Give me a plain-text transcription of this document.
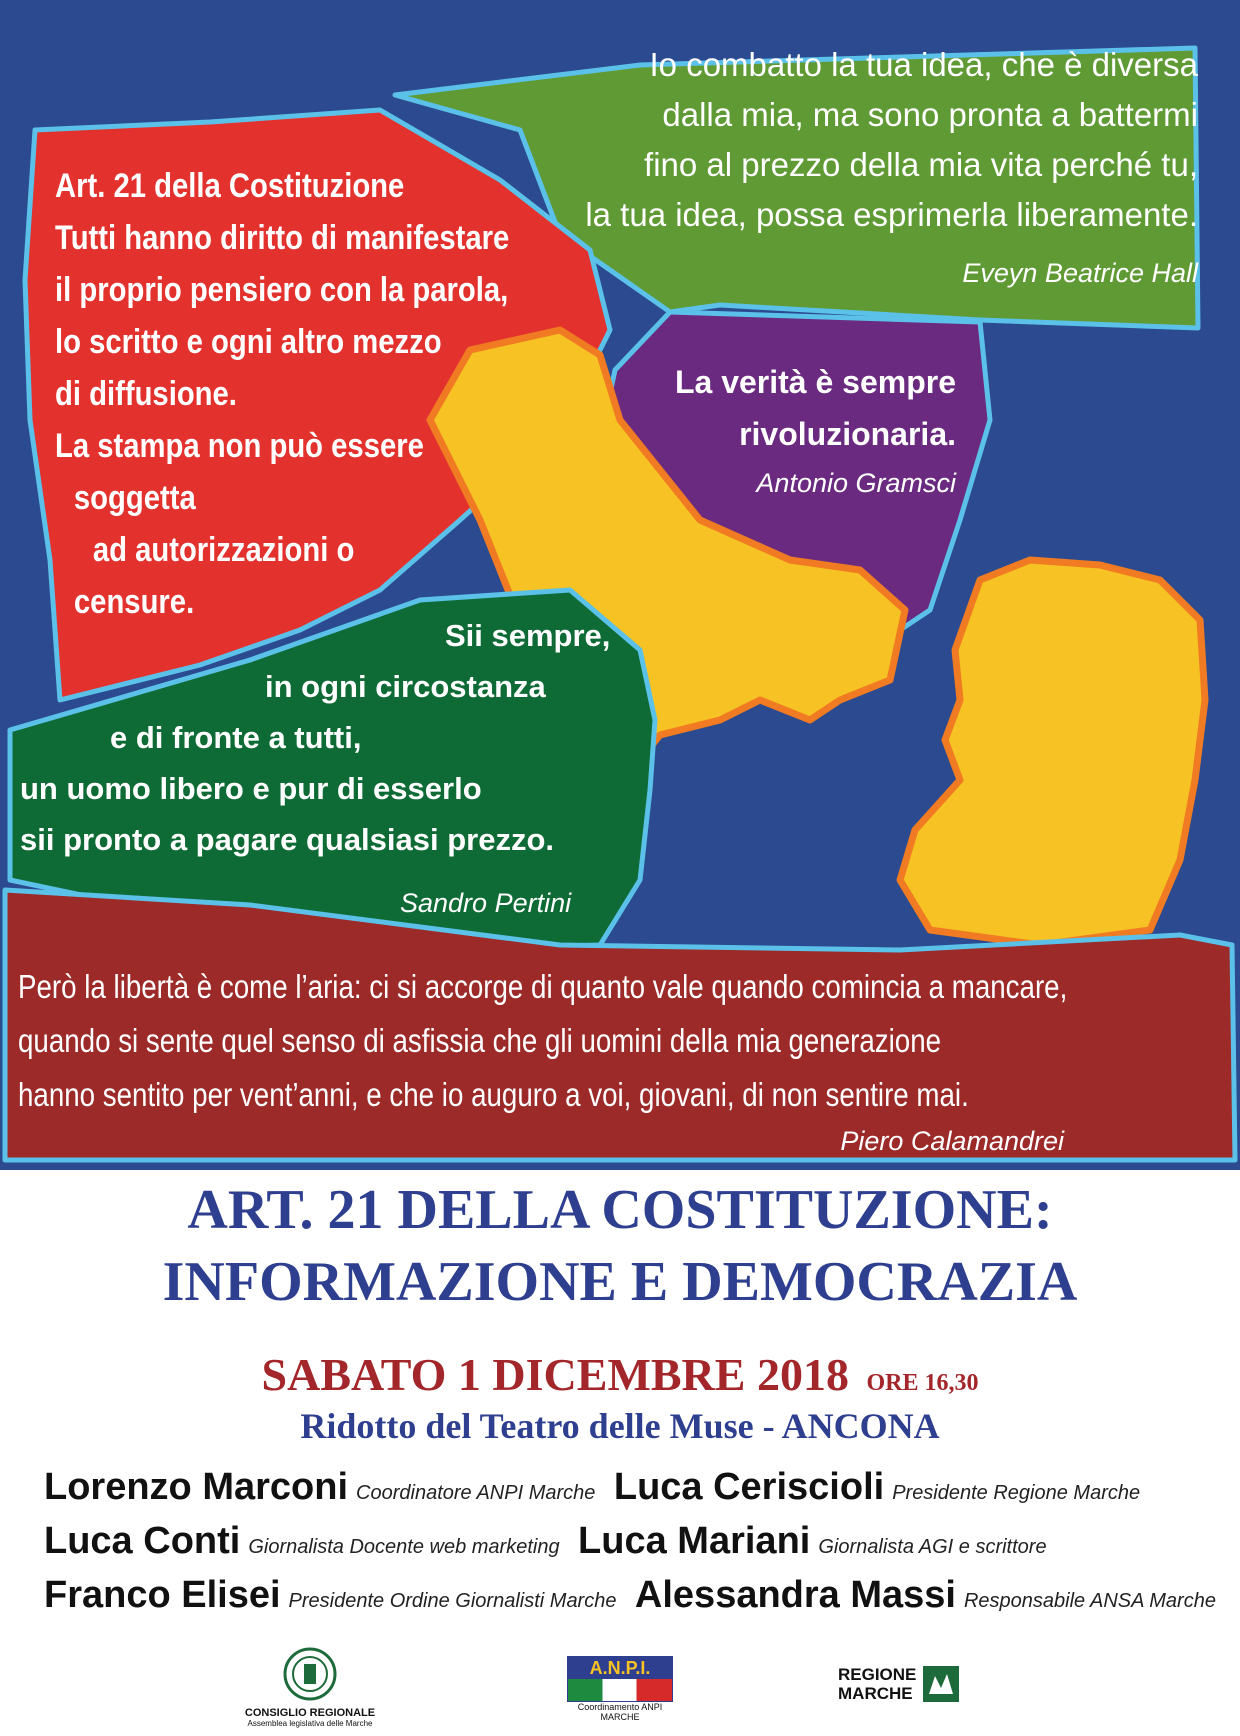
Art. 21 della Costituzione
Tutti hanno diritto di manifestare
il proprio pensiero con la parola,
lo scritto e ogni altro mezzo
di diffusione.
La stampa non può essere
soggetta
ad autorizzazioni o
censure.
Io combatto la tua idea, che è diversa
dalla mia, ma sono pronta a battermi
fino al prezzo della mia vita perché tu,
la tua idea, possa esprimerla liberamente.
Eveyn Beatrice Hall
La verità è sempre
rivoluzionaria.
Antonio Gramsci
Sii sempre,
in ogni circostanza
e di fronte a tutti,
un uomo libero e pur di esserlo
sii pronto a pagare qualsiasi prezzo.
Sandro Pertini
Però la libertà è come l’aria: ci si accorge di quanto vale quando comincia a mancare,
quando si sente quel senso di asfissia che gli uomini della mia generazione
hanno sentito per vent’anni, e che io auguro a voi, giovani, di non sentire mai.
Piero Calamandrei
ART. 21 DELLA COSTITUZIONE:
INFORMAZIONE E DEMOCRAZIA
SABATO 1 DICEMBRE 2018 ORE 16,30
Ridotto del Teatro delle Muse - ANCONA
Lorenzo Marconi Coordinatore ANPI Marche Luca Ceriscioli Presidente Regione Marche
Luca Conti Giornalista Docente web marketing Luca Mariani Giornalista AGI e scrittore
Franco Elisei Presidente Ordine Giornalisti Marche Alessandra Massi Responsabile ANSA Marche
CONSIGLIO REGIONALE
Assemblea legislativa delle Marche
A.N.P.I.
Coordinamento ANPI
MARCHE
REGIONE
MARCHE
